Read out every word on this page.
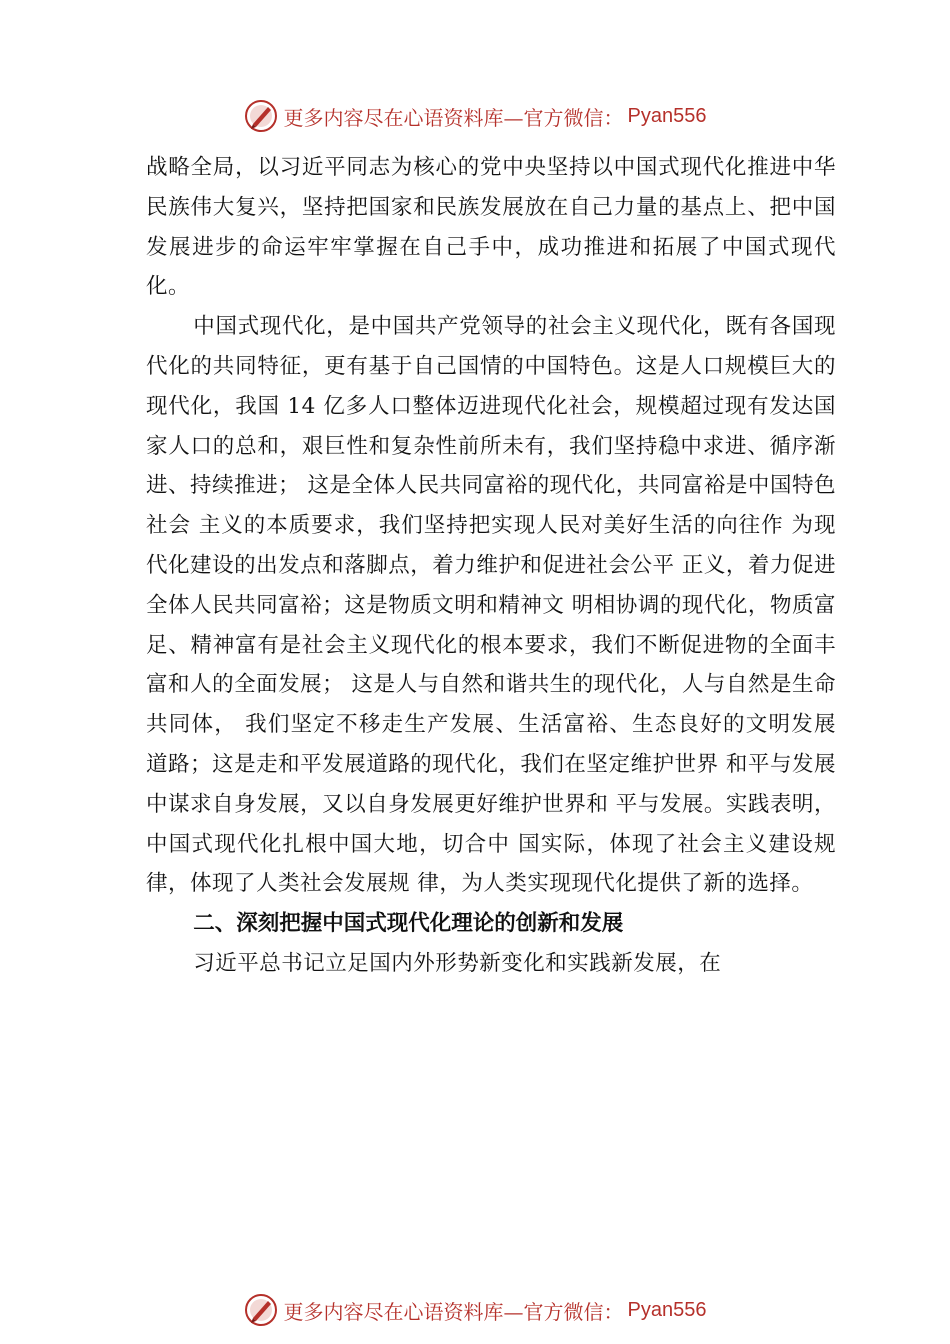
更多内容尽在心语资料库—官方微信： Pyan556

战略全局，以习近平同志为核心的党中央坚持以中国式现代化推进中华民族伟大复兴，坚持把国家和民族发展放在自己力量的基点上、把中国发展进步的命运牢牢掌握在自己手中，成功推进和拓展了中国式现代化。

中国式现代化，是中国共产党领导的社会主义现代化，既有各国现代化的共同特征，更有基于自己国情的中国特色。这是人口规模巨大的现代化，我国 14 亿多人口整体迈进现代化社会，规模超过现有发达国家人口的总和，艰巨性和复杂性前所未有，我们坚持稳中求进、循序渐进、持续推进； 这是全体人民共同富裕的现代化，共同富裕是中国特色社会 主义的本质要求，我们坚持把实现人民对美好生活的向往作 为现代化建设的出发点和落脚点，着力维护和促进社会公平 正义，着力促进全体人民共同富裕；这是物质文明和精神文 明相协调的现代化，物质富足、精神富有是社会主义现代化的根本要求，我们不断促进物的全面丰富和人的全面发展； 这是人与自然和谐共生的现代化，人与自然是生命共同体， 我们坚定不移走生产发展、生活富裕、生态良好的文明发展 道路；这是走和平发展道路的现代化，我们在坚定维护世界 和平与发展中谋求自身发展，又以自身发展更好维护世界和 平与发展。实践表明，中国式现代化扎根中国大地，切合中 国实际，体现了社会主义建设规律，体现了人类社会发展规 律，为人类实现现代化提供了新的选择。

二、深刻把握中国式现代化理论的创新和发展

习近平总书记立足国内外形势新变化和实践新发展，在

更多内容尽在心语资料库—官方微信： Pyan556
